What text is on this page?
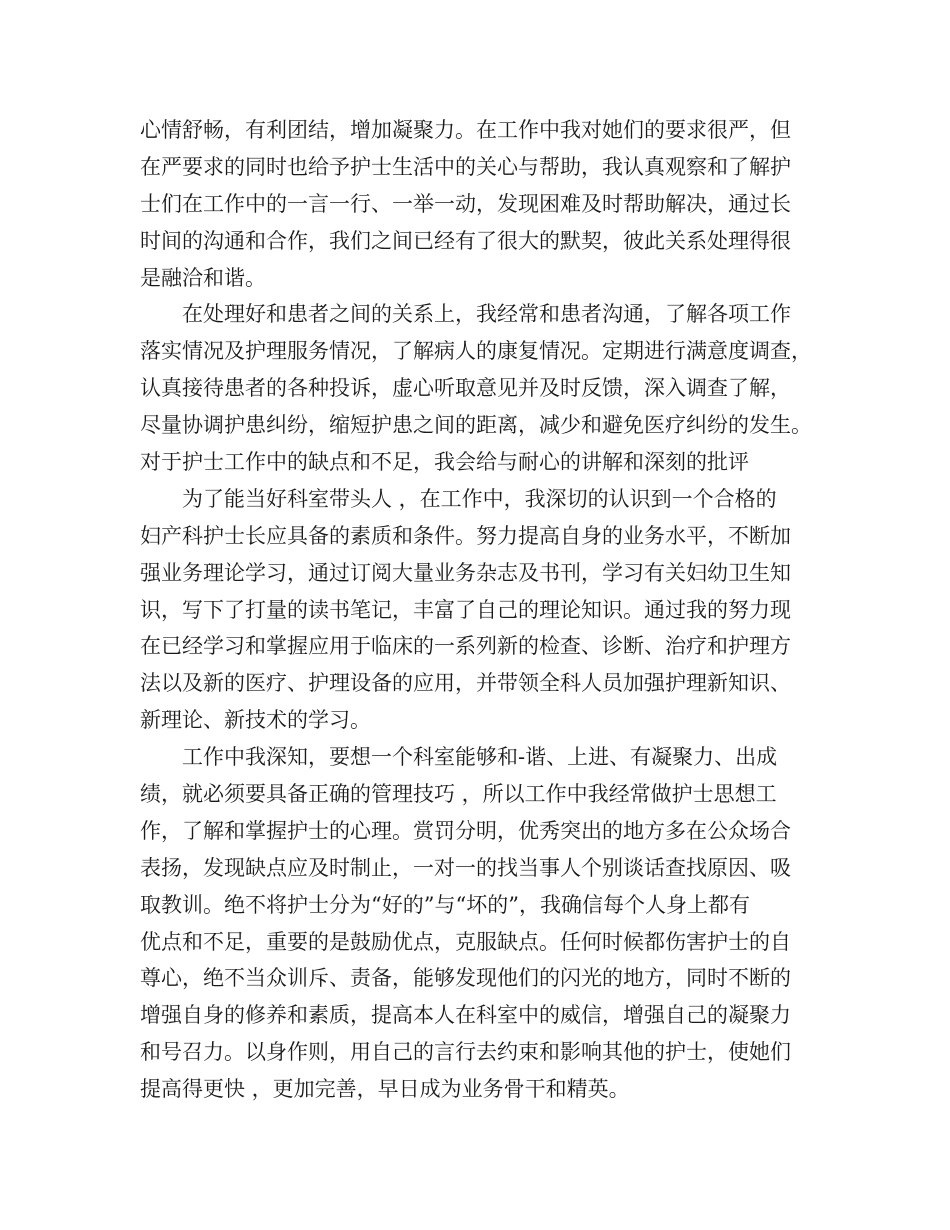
心情舒畅，有利团结，增加凝聚力。在工作中我对她们的要求很严，但
在严要求的同时也给予护士生活中的关心与帮助，我认真观察和了解护
士们在工作中的一言一行、一举一动，发现困难及时帮助解决，通过长
时间的沟通和合作，我们之间已经有了很大的默契，彼此关系处理得很
是融洽和谐。
　　在处理好和患者之间的关系上，我经常和患者沟通，了解各项工作
落实情况及护理服务情况，了解病人的康复情况。定期进行满意度调查，
认真接待患者的各种投诉，虚心听取意见并及时反馈，深入调查了解，
尽量协调护患纠纷，缩短护患之间的距离，减少和避免医疗纠纷的发生。
对于护士工作中的缺点和不足，我会给与耐心的讲解和深刻的批评
　　为了能当好科室带头人 ，在工作中，我深切的认识到一个合格的
妇产科护士长应具备的素质和条件。努力提高自身的业务水平，不断加
强业务理论学习，通过订阅大量业务杂志及书刊，学习有关妇幼卫生知
识，写下了打量的读书笔记，丰富了自己的理论知识。通过我的努力现
在已经学习和掌握应用于临床的一系列新的检查、诊断、治疗和护理方
法以及新的医疗、护理设备的应用，并带领全科人员加强护理新知识、
新理论、新技术的学习。
　　工作中我深知，要想一个科室能够和-谐、上进、有凝聚力、出成
绩，就必须要具备正确的管理技巧 ，所以工作中我经常做护士思想工
作，了解和掌握护士的心理。赏罚分明，优秀突出的地方多在公众场合
表扬，发现缺点应及时制止，一对一的找当事人个别谈话查找原因、吸
取教训。绝不将护士分为“好的”与“坏的”，我确信每个人身上都有
优点和不足，重要的是鼓励优点，克服缺点。任何时候都伤害护士的自
尊心，绝不当众训斥、责备，能够发现他们的闪光的地方，同时不断的
增强自身的修养和素质，提高本人在科室中的威信，增强自己的凝聚力
和号召力。以身作则，用自己的言行去约束和影响其他的护士，使她们
提高得更快 ，更加完善，早日成为业务骨干和精英。
